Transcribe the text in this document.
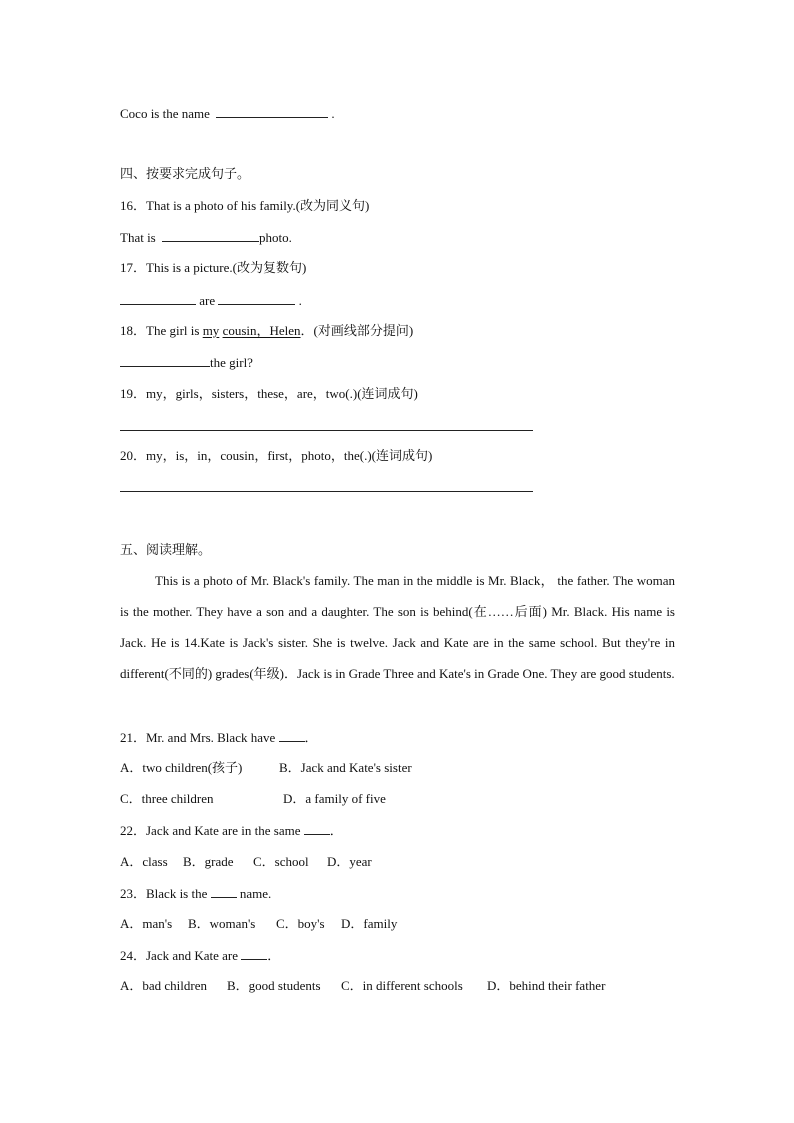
Coco is the name	.
四、按要求完成句子。
16．That is a photo of his family.(改为同义句)
That is	photo.
17．This is a picture.(改为复数句)
are	.
18．The girl is my cousin，Helen．(对画线部分提问)
the girl?
19．my，girls，sisters，these，are，two(.)(连词成句)
20．my，is，in，cousin，first，photo，the(.)(连词成句)
五、阅读理解。
This is a photo of Mr. Black's family. The man in the middle is Mr. Black， the father. The woman is the mother. They have a son and a daughter. The son is behind(在……后面) Mr. Black. His name is Jack. He is 14.Kate is Jack's sister. She is twelve. Jack and Kate are in the same school. But they're in different(不同的) grades(年级)．Jack is in Grade Three and Kate's in Grade One. They are good students.
21．Mr. and Mrs. Black have ．
A．two children(孩子)	B．Jack and Kate's sister
C．three children	D．a family of five
22．Jack and Kate are in the same ．
A．class B．grade C．school D．year
23．Black is the	name.
A．man's B．woman's C．boy's D．family
24．Jack and Kate are ．
A．bad children B．good students C．in different schools D．behind their father
